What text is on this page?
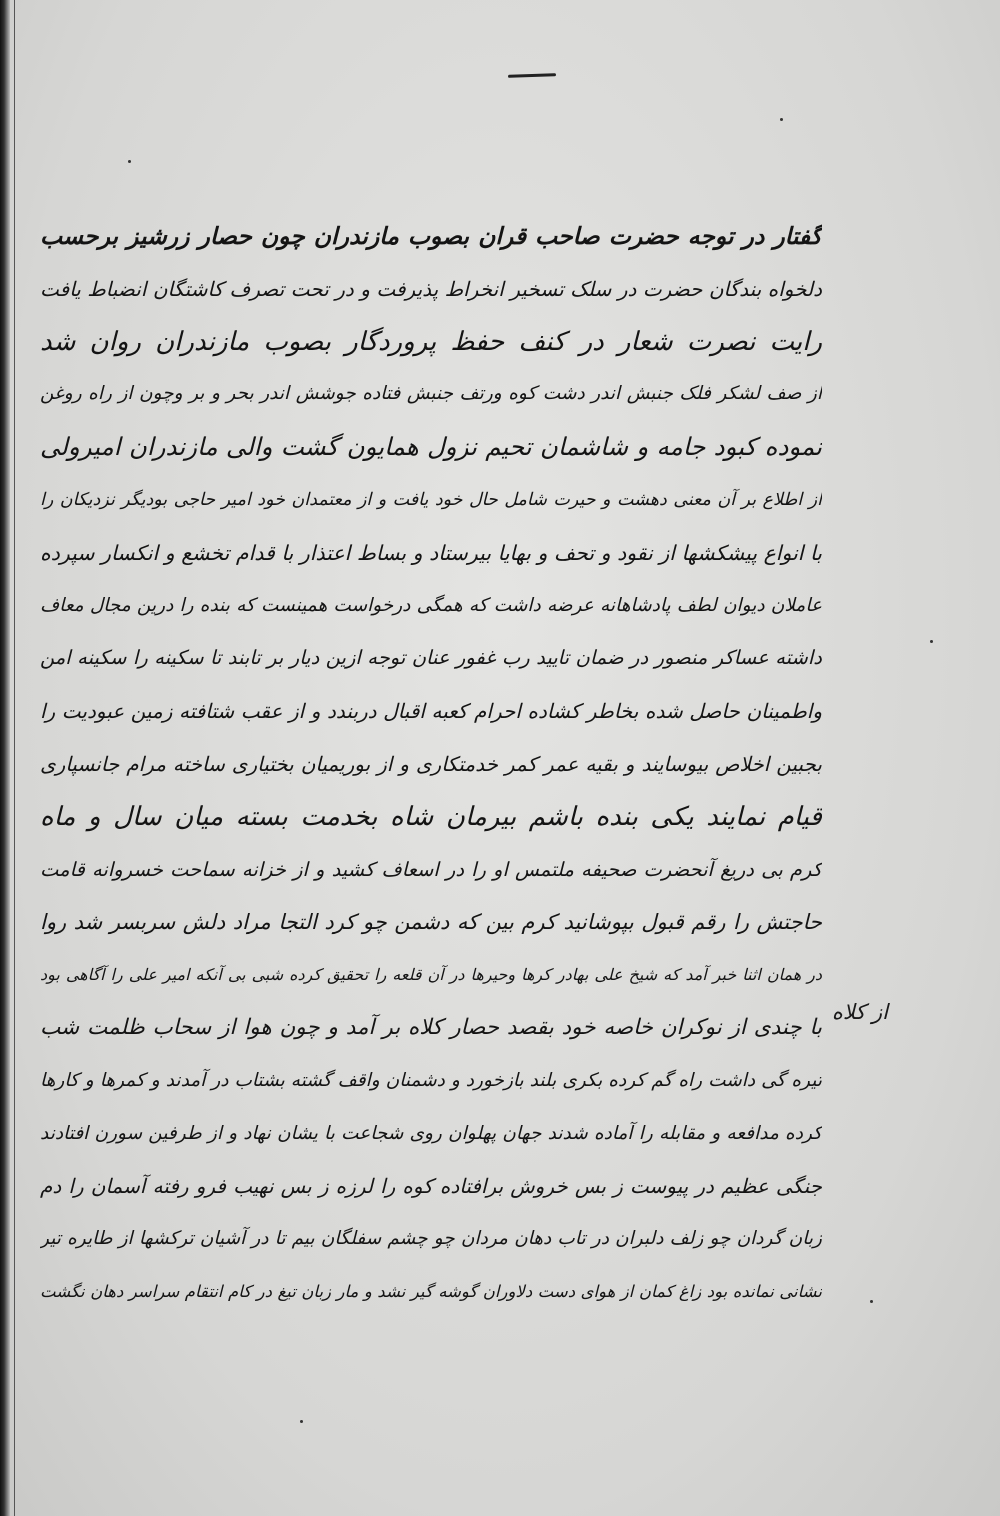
گفتار در توجه حضرت صاحب قران بصوب مازندران چون حصار زرشیز برحسب
دلخواه بندگان حضرت در سلک تسخیر انخراط پذیرفت و در تحت تصرف کاشتگان انضباط یافت
رایت نصرت شعار در کنف حفظ پروردگار بصوب مازندران روان شد
از صف لشکر فلک جنبش اندر دشت کوه ورتف جنبش فتاده جوشش اندر بحر و بر وچون از راه روغن
نموده کبود جامه و شاشمان تحیم نزول همایون گشت والی مازندران امیرولی
از اطلاع بر آن معنی دهشت و حیرت شامل حال خود یافت و از معتمدان خود امیر حاجی بودیگر نزدیکان را
با انواع پیشکشها از نقود و تحف و بهایا بیرستاد و بساط اعتذار با قدام تخشع و انکسار سپرده
عاملان دیوان لطف پادشاهانه عرضه داشت که همگی درخواست همینست که بنده را درین مجال معاف
داشته عساکر منصور در ضمان تایید رب غفور عنان توجه ازین دیار بر تابند تا سکینه را سکینه امن
واطمینان حاصل شده بخاطر کشاده احرام کعبه اقبال دربندد و از عقب شتافته زمین عبودیت را
بجبین اخلاص بیوسایند و بقیه عمر کمر خدمتکاری و از بوریمیان بختیاری ساخته مرام جانسپاری
قیام نمایند یکی بنده باشم بیرمان شاه بخدمت بسته میان سال و ماه
کرم بی دریغ آنحضرت صحیفه ملتمس او را در اسعاف کشید و از خزانه سماحت خسروانه قامت
حاجتش را رقم قبول بپوشانید کرم بین که دشمن چو کرد التجا مراد دلش سربسر شد روا
در همان اثنا خبر آمد که شیخ علی بهادر کرها وحیرها در آن قلعه را تحقیق کرده شبی بی آنکه امیر علی را آگاهی بود
با چندی از نوکران خاصه خود بقصد حصار کلاه بر آمد و چون هوا از سحاب ظلمت شب
تیره گی داشت راه گم کرده بکری بلند بازخورد و دشمنان واقف گشته بشتاب در آمدند و کمرها و کارها
کرده مدافعه و مقابله را آماده شدند جهان پهلوان روی شجاعت با یشان نهاد و از طرفین سورن افتادند
جنگی عظیم در پیوست ز بس خروش برافتاده کوه را لرزه ز بس نهیب فرو رفته آسمان را دم
زبان گردان چو زلف دلبران در تاب دهان مردان چو چشم سفلگان بیم تا در آشیان ترکشها از طایره تیر
نشانی نمانده بود زاغ کمان از هوای دست دلاوران گوشه گیر نشد و مار زبان تیغ در کام انتقام سراسر دهان نگشت
از کلاه
